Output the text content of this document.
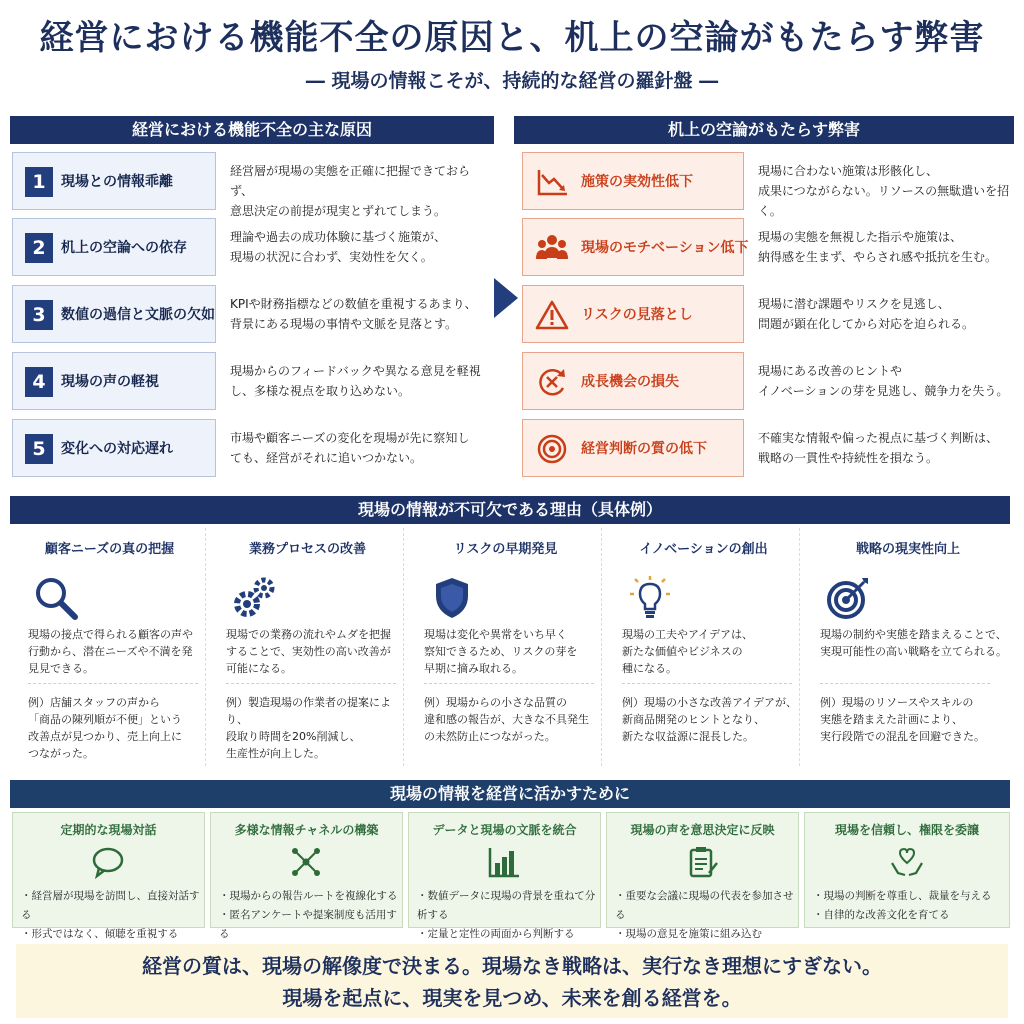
経営における機能不全の原因と、机上の空論がもたらす弊害
― 現場の情報こそが、持続的な経営の羅針盤 ―
経営における機能不全の主な原因
1	現場との情報乖離
経営層が現場の実態を正確に把握できておらず、
意思決定の前提が現実とずれてしまう。
2	机上の空論への依存
理論や過去の成功体験に基づく施策が、
現場の状況に合わず、実効性を欠く。
3	数値の過信と文脈の欠如
KPIや財務指標などの数値を重視するあまり、
背景にある現場の事情や文脈を見落とす。
4	現場の声の軽視
現場からのフィードバックや異なる意見を軽視
し、多様な視点を取り込めない。
5	変化への対応遅れ
市場や顧客ニーズの変化を現場が先に察知し
ても、経営がそれに追いつかない。
机上の空論がもたらす弊害
施策の実効性低下
現場に合わない施策は形骸化し、
成果につながらない。リソースの無駄遣いを招く。
現場のモチベーション低下
現場の実態を無視した指示や施策は、
納得感を生まず、やらされ感や抵抗を生む。
リスクの見落とし
現場に潜む課題やリスクを見逃し、
問題が顕在化してから対応を迫られる。
成長機会の損失
現場にある改善のヒントや
イノベーションの芽を見逃し、競争力を失う。
経営判断の質の低下
不確実な情報や偏った視点に基づく判断は、
戦略の一貫性や持続性を損なう。
現場の情報が不可欠である理由（具体例）
顧客ニーズの真の把握
現場の接点で得られる顧客の声や
行動から、潜在ニーズや不満を発
見見できる。
例）店舗スタッフの声から
「商品の陳列順が不便」という
改善点が見つかり、売上向上に
つながった。
業務プロセスの改善
現場での業務の流れやムダを把握
することで、実効性の高い改善が
可能になる。
例）製造現場の作業者の提案により、
段取り時間を20%削減し、
生産性が向上した。
リスクの早期発見
現場は変化や異常をいち早く
察知できるため、リスクの芽を
早期に摘み取れる。
例）現場からの小さな品質の
違和感の報告が、大きな不具発生
の未然防止につながった。
イノベーションの創出
現場の工夫やアイデアは、
新たな価値やビジネスの
種になる。
例）現場の小さな改善アイデアが、
新商品開発のヒントとなり、
新たな収益源に混長した。
戦略の現実性向上
現場の制約や実態を踏まえることで、
実現可能性の高い戦略を立てられる。
例）現場のリソースやスキルの
実態を踏まえた計画により、
実行段階での混乱を回避できた。
現場の情報を経営に活かすために
定期的な現場対話
・経営層が現場を訪問し、直接対話する
・形式ではなく、傾聴を重視する
多様な情報チャネルの構築
・現場からの報告ルートを複線化する
・匿名アンケートや提案制度も活用する
データと現場の文脈を統合
・数値データに現場の背景を重ねて分析する
・定量と定性の両面から判断する
現場の声を意思決定に反映
・重要な会議に現場の代表を参加させる
・現場の意見を施策に組み込む
現場を信頼し、権限を委譲
・現場の判断を尊重し、裁量を与える
・自律的な改善文化を育てる

経営の質は、現場の解像度で決まる。現場なき戦略は、実行なき理想にすぎない。

現場を起点に、現実を見つめ、未来を創る経営を。
